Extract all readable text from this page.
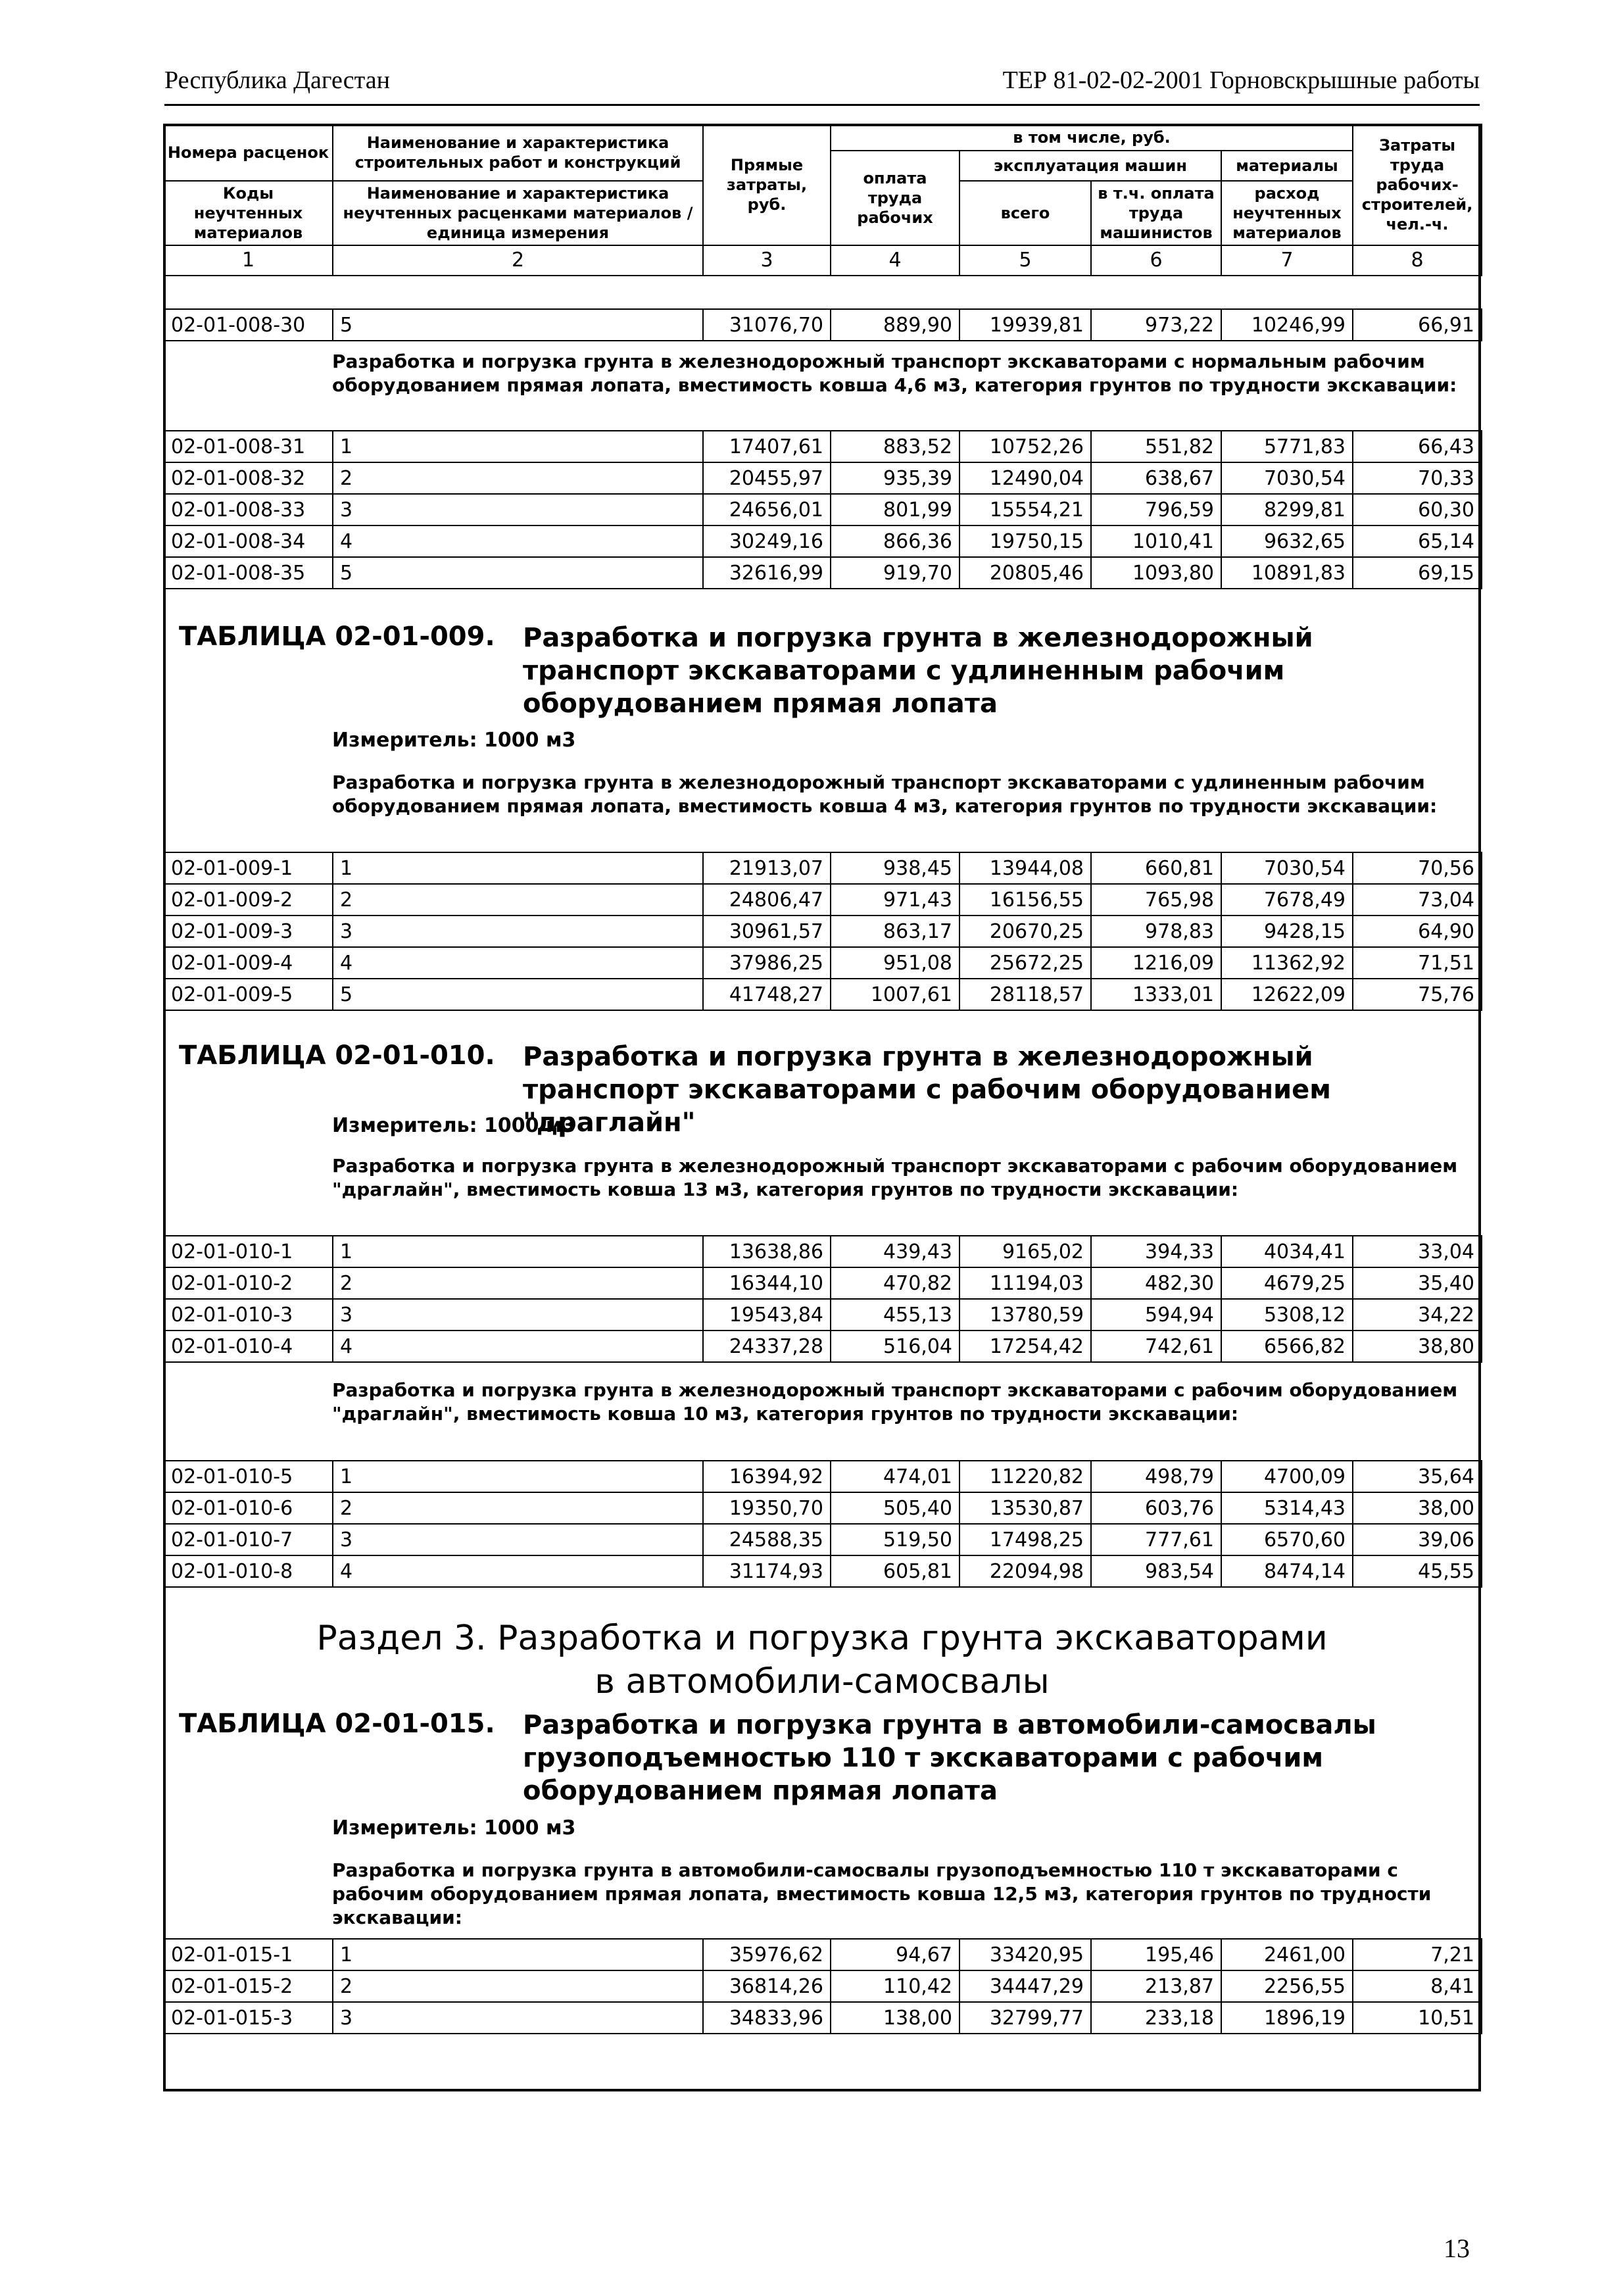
Республика Дагестан	ТЕР 81-02-02-2001 Горновскрышные работы
Номера расценок	Наименование и характеристика строительных работ и конструкций	Прямые затраты, руб.	в том числе, руб.				Затраты труда рабочих-строителей, чел.-ч.
			оплата труда рабочих	эксплуатация машин		материалы	
Коды неучтенных материалов	Наименование и характеристика неучтенных расценками материалов / единица измерения			всего	в т.ч. оплата труда машинистов	расход неучтенных материалов	

1	2	3	4	5	6	7	8
02-01-008-30	5	31076,70	889,90	19939,81	973,22	10246,99	66,91
02-01-008-31	1	17407,61	883,52	10752,26	551,82	5771,83	66,43
02-01-008-32	2	20455,97	935,39	12490,04	638,67	7030,54	70,33
02-01-008-33	3	24656,01	801,99	15554,21	796,59	8299,81	60,30
02-01-008-34	4	30249,16	866,36	19750,15	1010,41	9632,65	65,14
02-01-008-35	5	32616,99	919,70	20805,46	1093,80	10891,83	69,15
02-01-009-1	1	21913,07	938,45	13944,08	660,81	7030,54	70,56
02-01-009-2	2	24806,47	971,43	16156,55	765,98	7678,49	73,04
02-01-009-3	3	30961,57	863,17	20670,25	978,83	9428,15	64,90
02-01-009-4	4	37986,25	951,08	25672,25	1216,09	11362,92	71,51
02-01-009-5	5	41748,27	1007,61	28118,57	1333,01	12622,09	75,76
02-01-010-1	1	13638,86	439,43	9165,02	394,33	4034,41	33,04
02-01-010-2	2	16344,10	470,82	11194,03	482,30	4679,25	35,40
02-01-010-3	3	19543,84	455,13	13780,59	594,94	5308,12	34,22
02-01-010-4	4	24337,28	516,04	17254,42	742,61	6566,82	38,80
02-01-010-5	1	16394,92	474,01	11220,82	498,79	4700,09	35,64
02-01-010-6	2	19350,70	505,40	13530,87	603,76	5314,43	38,00
02-01-010-7	3	24588,35	519,50	17498,25	777,61	6570,60	39,06
02-01-010-8	4	31174,93	605,81	22094,98	983,54	8474,14	45,55
02-01-015-1	1	35976,62	94,67	33420,95	195,46	2461,00	7,21
02-01-015-2	2	36814,26	110,42	34447,29	213,87	2256,55	8,41
02-01-015-3	3	34833,96	138,00	32799,77	233,18	1896,19	10,51
Разработка и погрузка грунта в железнодорожный транспорт экскаваторами с нормальным рабочим оборудованием прямая лопата, вместимость ковша 4,6 м3, категория грунтов по трудности экскавации:
ТАБЛИЦА 02-01-009. Разработка и погрузка грунта в железнодорожный транспорт экскаваторами с удлиненным рабочим оборудованием прямая лопата
Измеритель: 1000 м3
Разработка и погрузка грунта в железнодорожный транспорт экскаваторами с удлиненным рабочим оборудованием прямая лопата, вместимость ковша 4 м3, категория грунтов по трудности экскавации:
ТАБЛИЦА 02-01-010. Разработка и погрузка грунта в железнодорожный транспорт экскаваторами с рабочим оборудованием "драглайн"
Измеритель: 1000 м3
Разработка и погрузка грунта в железнодорожный транспорт экскаваторами с рабочим оборудованием "драглайн", вместимость ковша 13 м3, категория грунтов по трудности экскавации:
Разработка и погрузка грунта в железнодорожный транспорт экскаваторами с рабочим оборудованием "драглайн", вместимость ковша 10 м3, категория грунтов по трудности экскавации:
Раздел 3. Разработка и погрузка грунта экскаваторами
в автомобили-самосвалы
ТАБЛИЦА 02-01-015. Разработка и погрузка грунта в автомобили-самосвалы грузоподъемностью 110 т экскаваторами с рабочим оборудованием прямая лопата
Измеритель: 1000 м3
Разработка и погрузка грунта в автомобили-самосвалы грузоподъемностью 110 т экскаваторами с рабочим оборудованием прямая лопата, вместимость ковша 12,5 м3, категория грунтов по трудности экскавации:
13
